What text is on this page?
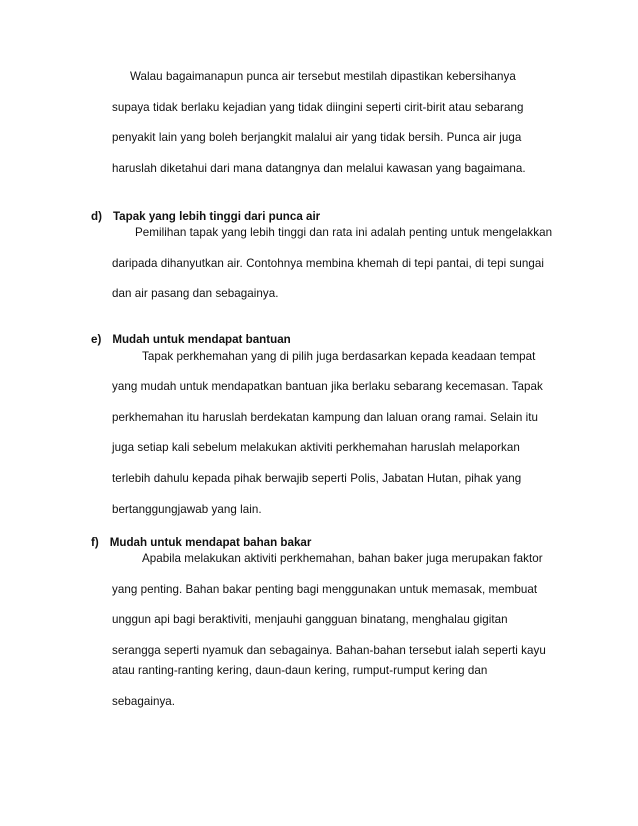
Walau bagaimanapun punca air tersebut mestilah dipastikan kebersihanya
supaya tidak berlaku kejadian yang tidak diingini seperti cirit-birit atau sebarang
penyakit lain yang boleh berjangkit malalui air yang tidak bersih. Punca air juga
haruslah diketahui dari mana datangnya dan melalui kawasan yang bagaimana.
d) Tapak yang lebih tinggi dari punca air
Pemilihan tapak yang lebih tinggi dan rata ini adalah penting untuk mengelakkan
daripada dihanyutkan air. Contohnya membina khemah di tepi pantai, di tepi sungai
dan air pasang dan sebagainya.
e) Mudah untuk mendapat bantuan
Tapak perkhemahan yang di pilih juga berdasarkan kepada keadaan tempat
yang mudah untuk mendapatkan bantuan jika berlaku sebarang kecemasan. Tapak
perkhemahan itu haruslah berdekatan kampung dan laluan orang ramai. Selain itu
juga setiap kali sebelum melakukan aktiviti perkhemahan haruslah melaporkan
terlebih dahulu kepada pihak berwajib seperti Polis, Jabatan Hutan, pihak yang
bertanggungjawab yang lain.
f) Mudah untuk mendapat bahan bakar
Apabila melakukan aktiviti perkhemahan, bahan baker juga merupakan faktor
yang penting. Bahan bakar penting bagi menggunakan untuk memasak, membuat
unggun api bagi beraktiviti, menjauhi gangguan binatang, menghalau gigitan
serangga seperti nyamuk dan sebagainya. Bahan-bahan tersebut ialah seperti kayu
atau ranting-ranting kering, daun-daun kering, rumput-rumput kering dan
sebagainya.
